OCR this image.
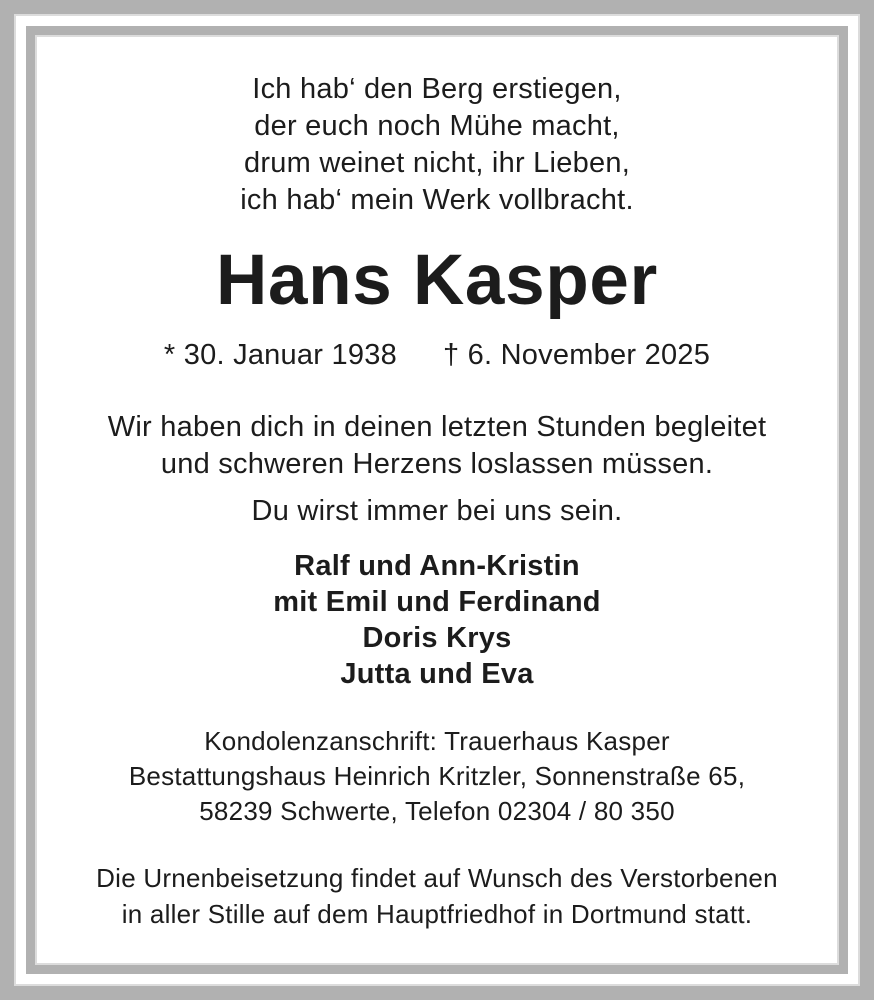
Ich hab‘ den Berg erstiegen,
der euch noch Mühe macht,
drum weinet nicht, ihr Lieben,
ich hab‘ mein Werk vollbracht.
Hans Kasper
* 30. Januar 1938 † 6. November 2025
Wir haben dich in deinen letzten Stunden begleitet
und schweren Herzens loslassen müssen.
Du wirst immer bei uns sein.
Ralf und Ann-Kristin
mit Emil und Ferdinand
Doris Krys
Jutta und Eva
Kondolenzanschrift: Trauerhaus Kasper
Bestattungshaus Heinrich Kritzler, Sonnenstraße 65,
58239 Schwerte, Telefon 02304 / 80 350
Die Urnenbeisetzung findet auf Wunsch des Verstorbenen
in aller Stille auf dem Hauptfriedhof in Dortmund statt.
